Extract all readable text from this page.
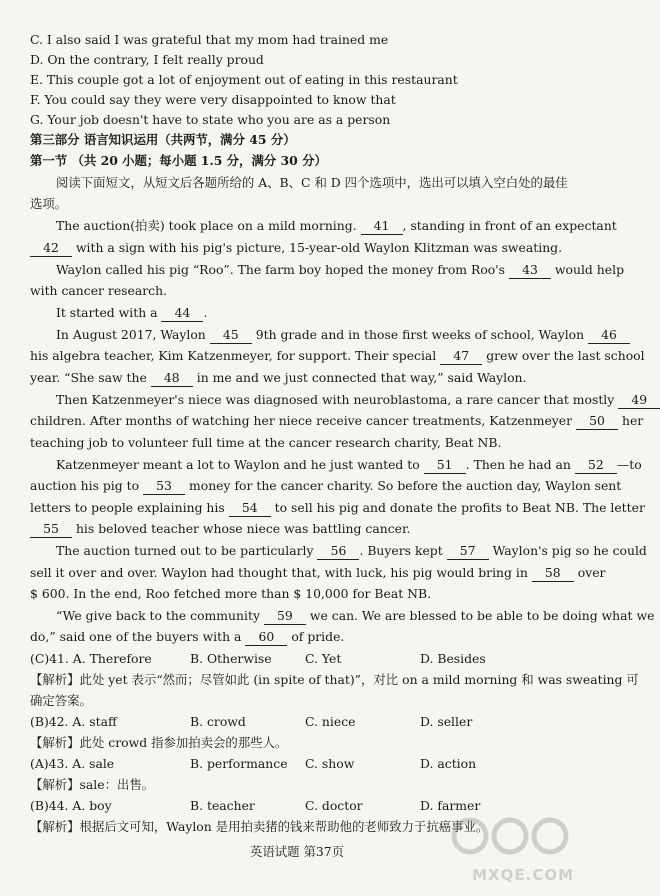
C. I also said I was grateful that my mom had trained me
D. On the contrary, I felt really proud
E. This couple got a lot of enjoyment out of eating in this restaurant
F. You could say they were very disappointed to know that
G. Your job doesn't have to state who you are as a person
第三部分 语言知识运用（共两节，满分 45 分）
第一节 （共 20 小题；每小题 1.5 分，满分 30 分）
阅读下面短文，从短文后各题所给的 A、B、C 和 D 四个选项中，选出可以填入空白处的最佳
选项。
The auction(拍卖) took place on a mild morning. 41 , standing in front of an expectant
42 with a sign with his pig's picture, 15-year-old Waylon Klitzman was sweating.
Waylon called his pig “Roo”. The farm boy hoped the money from Roo's 43 would help
with cancer research.
It started with a 44 .
In August 2017, Waylon 45 9th grade and in those first weeks of school, Waylon 46
his algebra teacher, Kim Katzenmeyer, for support. Their special 47 grew over the last school
year. “She saw the 48 in me and we just connected that way,” said Waylon.
Then Katzenmeyer's niece was diagnosed with neuroblastoma, a rare cancer that mostly 49
children. After months of watching her niece receive cancer treatments, Katzenmeyer 50 her
teaching job to volunteer full time at the cancer research charity, Beat NB.
Katzenmeyer meant a lot to Waylon and he just wanted to 51 . Then he had an 52 —to
auction his pig to 53 money for the cancer charity. So before the auction day, Waylon sent
letters to people explaining his 54 to sell his pig and donate the profits to Beat NB. The letter
55 his beloved teacher whose niece was battling cancer.
The auction turned out to be particularly 56 . Buyers kept 57 Waylon's pig so he could
sell it over and over. Waylon had thought that, with luck, his pig would bring in 58 over
$ 600. In the end, Roo fetched more than $ 10,000 for Beat NB.
“We give back to the community 59 we can. We are blessed to be able to be doing what we
do,” said one of the buyers with a 60 of pride.
(C)41. A. Therefore	B. Otherwise	C. Yet	D. Besides
【解析】此处 yet 表示“然而；尽管如此 (in spite of that)”，对比 on a mild morning 和 was sweating 可
确定答案。
(B)42. A. staff	B. crowd	C. niece	D. seller
【解析】此处 crowd 指参加拍卖会的那些人。
(A)43. A. sale	B. performance C. show	D. action
【解析】sale：出售。
(B)44. A. boy	B. teacher	C. doctor	D. farmer
【解析】根据后文可知，Waylon 是用拍卖猪的钱来帮助他的老师致力于抗癌事业。
英语试题 第37页
MXQE.COM
